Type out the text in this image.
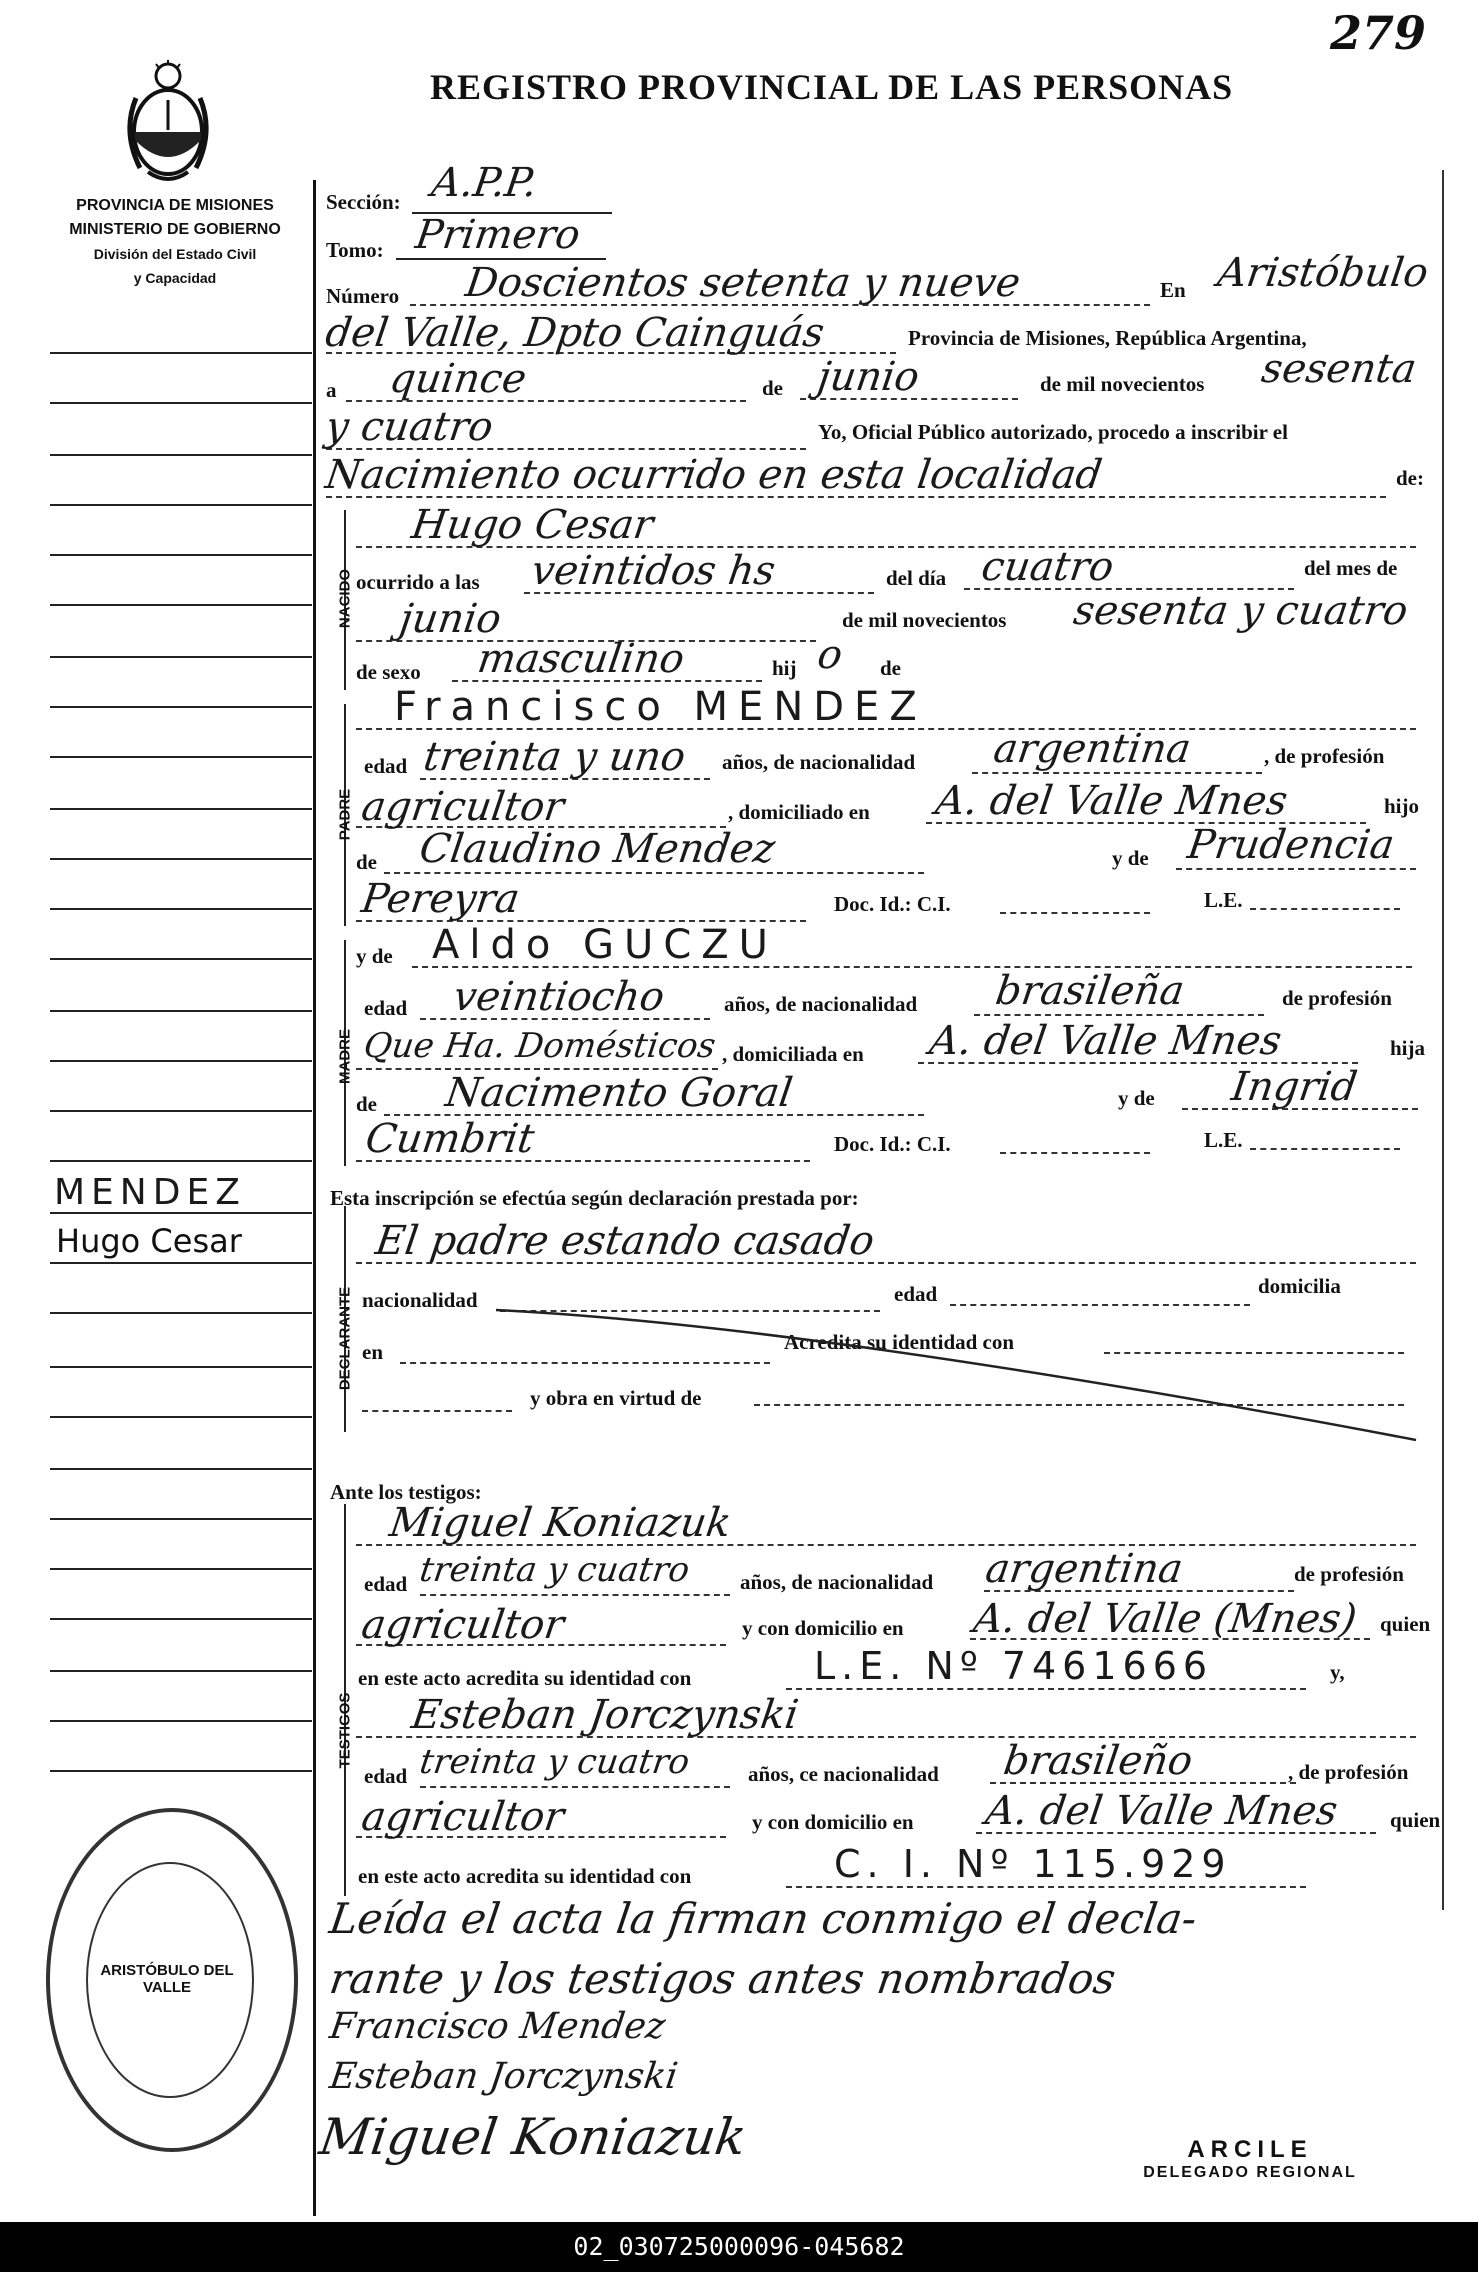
279
REGISTRO PROVINCIAL DE LAS PERSONAS
PROVINCIA DE MISIONES
MINISTERIO DE GOBIERNO
División del Estado Civil
y Capacidad
MENDEZ
Hugo Cesar
ARISTÓBULO DEL VALLE
Sección: A.P.P.
Tomo: Primero
Número Doscientos setenta y nueve	En Aristóbulo
del Valle, Dpto Cainguás	Provincia de Misiones, República Argentina,
a quince	de junio	de mil novecientos sesenta
y cuatro	Yo, Oficial Público autorizado, procedo a inscribir el
Nacimiento ocurrido en esta localidad	de:
NACIDO
Hugo Cesar
ocurrido a las veintidos hs	del día cuatro	del mes de
junio	de mil novecientos sesenta y cuatro
de sexo masculino	hij o de
PADRE
Francisco MENDEZ
edad treinta y uno años, de nacionalidad argentina	, de profesión
agricultor	, domiciliado en A. del Valle Mnes	hijo
de Claudino Mendez	y de Prudencia
Pereyra	Doc. Id.: C.I.	L.E.
MADRE
y de Aldo GUCZU
edad veintiocho	años, de nacionalidad brasileña	de profesión
Que Ha. Domésticos , domiciliada en A. del Valle Mnes	hija
de Nacimento Goral	y de Ingrid
Cumbrit	Doc. Id.: C.I.	L.E.
Esta inscripción se efectúa según declaración prestada por:
DECLARANTE
El padre estando casado
nacionalidad	edad	domicilia
en	Acredita su identidad con
y obra en virtud de
Ante los testigos:
TESTIGOS
Miguel Koniazuk
edad treinta y cuatro años, de nacionalidad argentina	de profesión
agricultor	y con domicilio en A. del Valle (Mnes) quien
en este acto acredita su identidad con	L.E. Nº 7461666	y,
Esteban Jorczynski
edad treinta y cuatro	años, ce nacionalidad brasileño	, de profesión
agricultor	y con domicilio en A. del Valle Mnes quien
en este acto acredita su identidad con	C. I. Nº 115.929
Leída el acta la firman conmigo el decla-
rante y los testigos antes nombrados
Francisco Mendez
Esteban Jorczynski
Miguel Koniazuk	ARCILE
DELEGADO REGIONAL
02_030725000096-045682
